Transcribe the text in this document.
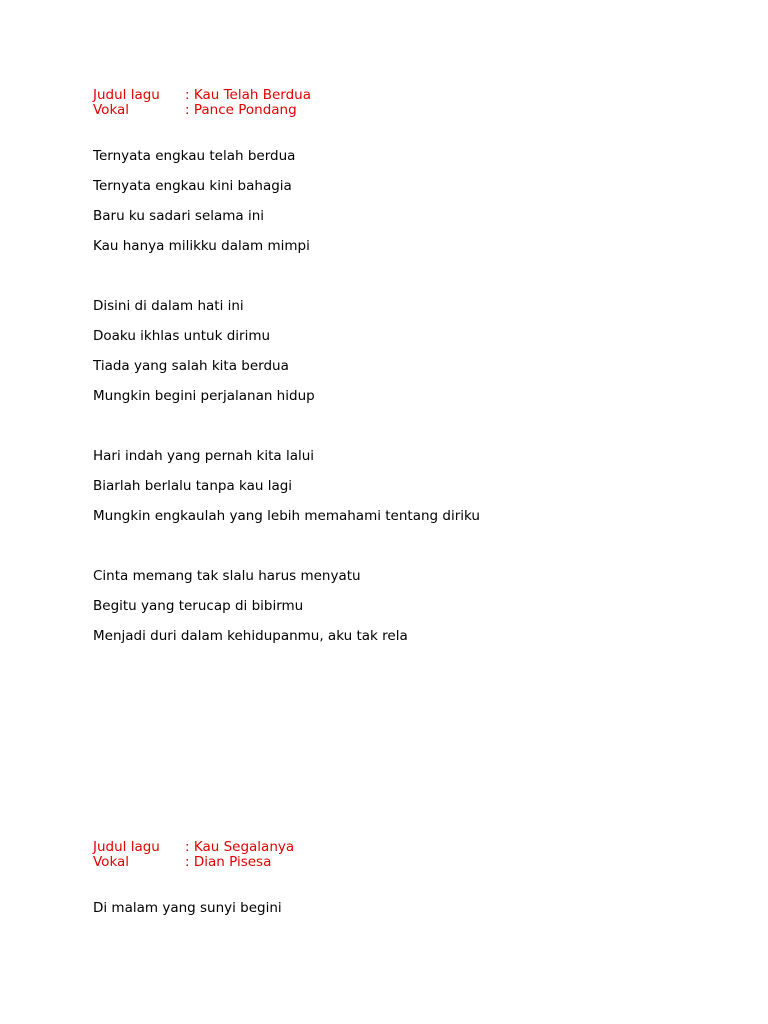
Judul lagu	: Kau Telah Berdua
Vokal	: Pance Pondang
Ternyata engkau telah berdua
Ternyata engkau kini bahagia
Baru ku sadari selama ini
Kau hanya milikku dalam mimpi
Disini di dalam hati ini
Doaku ikhlas untuk dirimu
Tiada yang salah kita berdua
Mungkin begini perjalanan hidup
Hari indah yang pernah kita lalui
Biarlah berlalu tanpa kau lagi
Mungkin engkaulah yang lebih memahami tentang diriku
Cinta memang tak slalu harus menyatu
Begitu yang terucap di bibirmu
Menjadi duri dalam kehidupanmu, aku tak rela
Judul lagu	: Kau Segalanya
Vokal	: Dian Pisesa
Di malam yang sunyi begini
